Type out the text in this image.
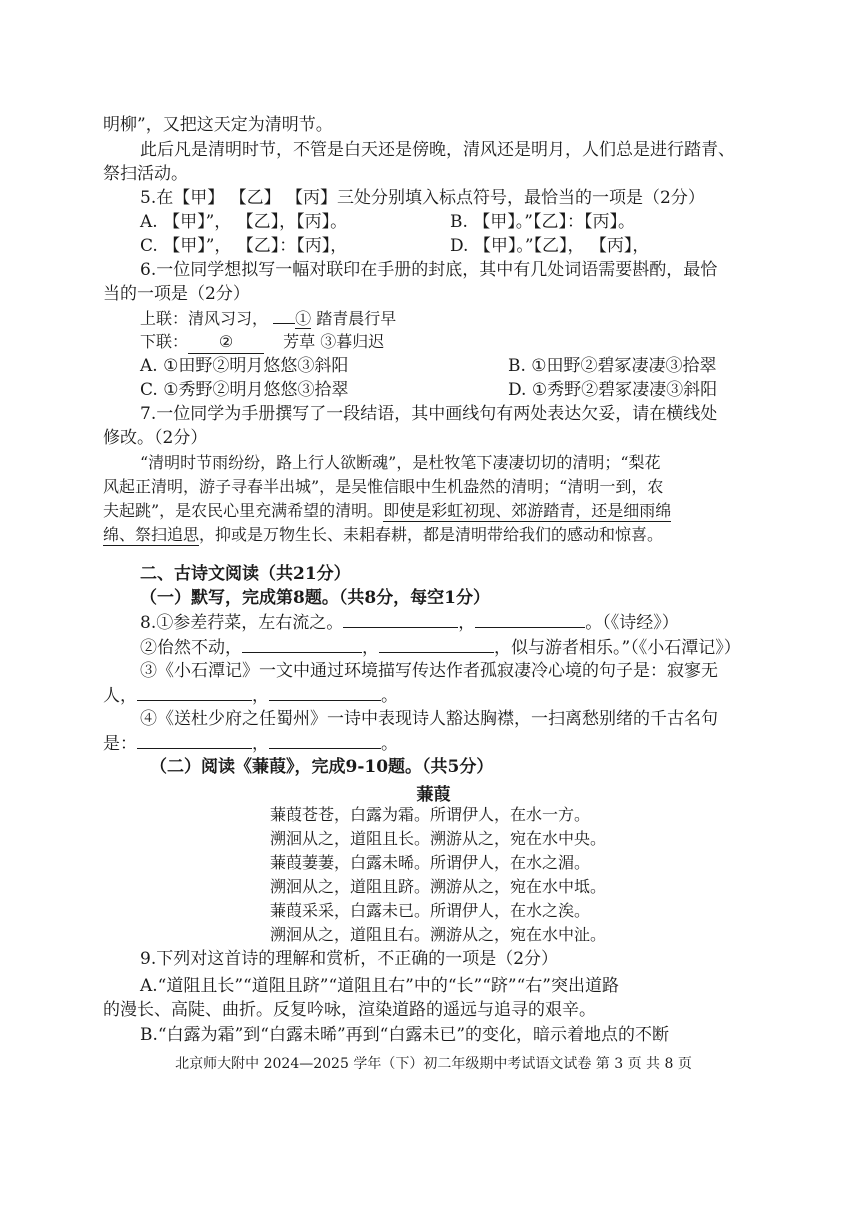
明柳”，又把这天定为清明节。
此后凡是清明时节，不管是白天还是傍晚，清风还是明月，人们总是进行踏青、
祭扫活动。
5.在【甲】 【乙】 【丙】三处分别填入标点符号，最恰当的一项是（2分）
A. 【甲】”， 【乙】，【丙】。	B. 【甲】。”【乙】：【丙】。
C. 【甲】”， 【乙】：【丙】，	D. 【甲】。”【乙】， 【丙】，
6.一位同学想拟写一幅对联印在手册的封底，其中有几处词语需要斟酌，最恰
当的一项是（2分）
上联：清风习习， ① 踏青晨行早
下联： ②	芳草 ③暮归迟
A. ①田野②明月悠悠③斜阳	B. ①田野②碧冢凄凄③拾翠
C. ①秀野②明月悠悠③拾翠	D. ①秀野②碧冢凄凄③斜阳
7.一位同学为手册撰写了一段结语，其中画线句有两处表达欠妥，请在横线处
修改。（2分）
“清明时节雨纷纷，路上行人欲断魂”，是杜牧笔下凄凄切切的清明；“梨花
风起正清明，游子寻春半出城”，是吴惟信眼中生机盎然的清明；“清明一到，农
夫起跳”，是农民心里充满希望的清明。即使是彩虹初现、郊游踏青，还是细雨绵
绵、祭扫追思，抑或是万物生长、耒耜春耕，都是清明带给我们的感动和惊喜。
二、古诗文阅读（共21分）
（一）默写，完成第8题。（共8分，每空1分）
8.①参差荇菜，左右流之。	，	。（《诗经》）
②佁然不动，	，	，似与游者相乐。”（《小石潭记》）
③《小石潭记》一文中通过环境描写传达作者孤寂凄冷心境的句子是：寂寥无
人，	，	。
④《送杜少府之任蜀州》一诗中表现诗人豁达胸襟，一扫离愁别绪的千古名句
是：	，	。
（二）阅读《蒹葭》，完成9-10题。（共5分）
蒹葭
蒹葭苍苍，白露为霜。所谓伊人，在水一方。
溯洄从之，道阻且长。溯游从之，宛在水中央。
蒹葭萋萋，白露未晞。所谓伊人，在水之湄。
溯洄从之，道阻且跻。溯游从之，宛在水中坻。
蒹葭采采，白露未已。所谓伊人，在水之涘。
溯洄从之，道阻且右。溯游从之，宛在水中沚。
9.下列对这首诗的理解和赏析，不正确的一项是（2分）
A.“道阻且长”“道阻且跻”“道阻且右”中的“长”“跻”“右”突出道路
的漫长、高陡、曲折。反复吟咏，渲染道路的遥远与追寻的艰辛。
B.“白露为霜”到“白露未晞”再到“白露未已”的变化，暗示着地点的不断
北京师大附中 2024—2025 学年（下）初二年级期中考试语文试卷 第 3 页 共 8 页
